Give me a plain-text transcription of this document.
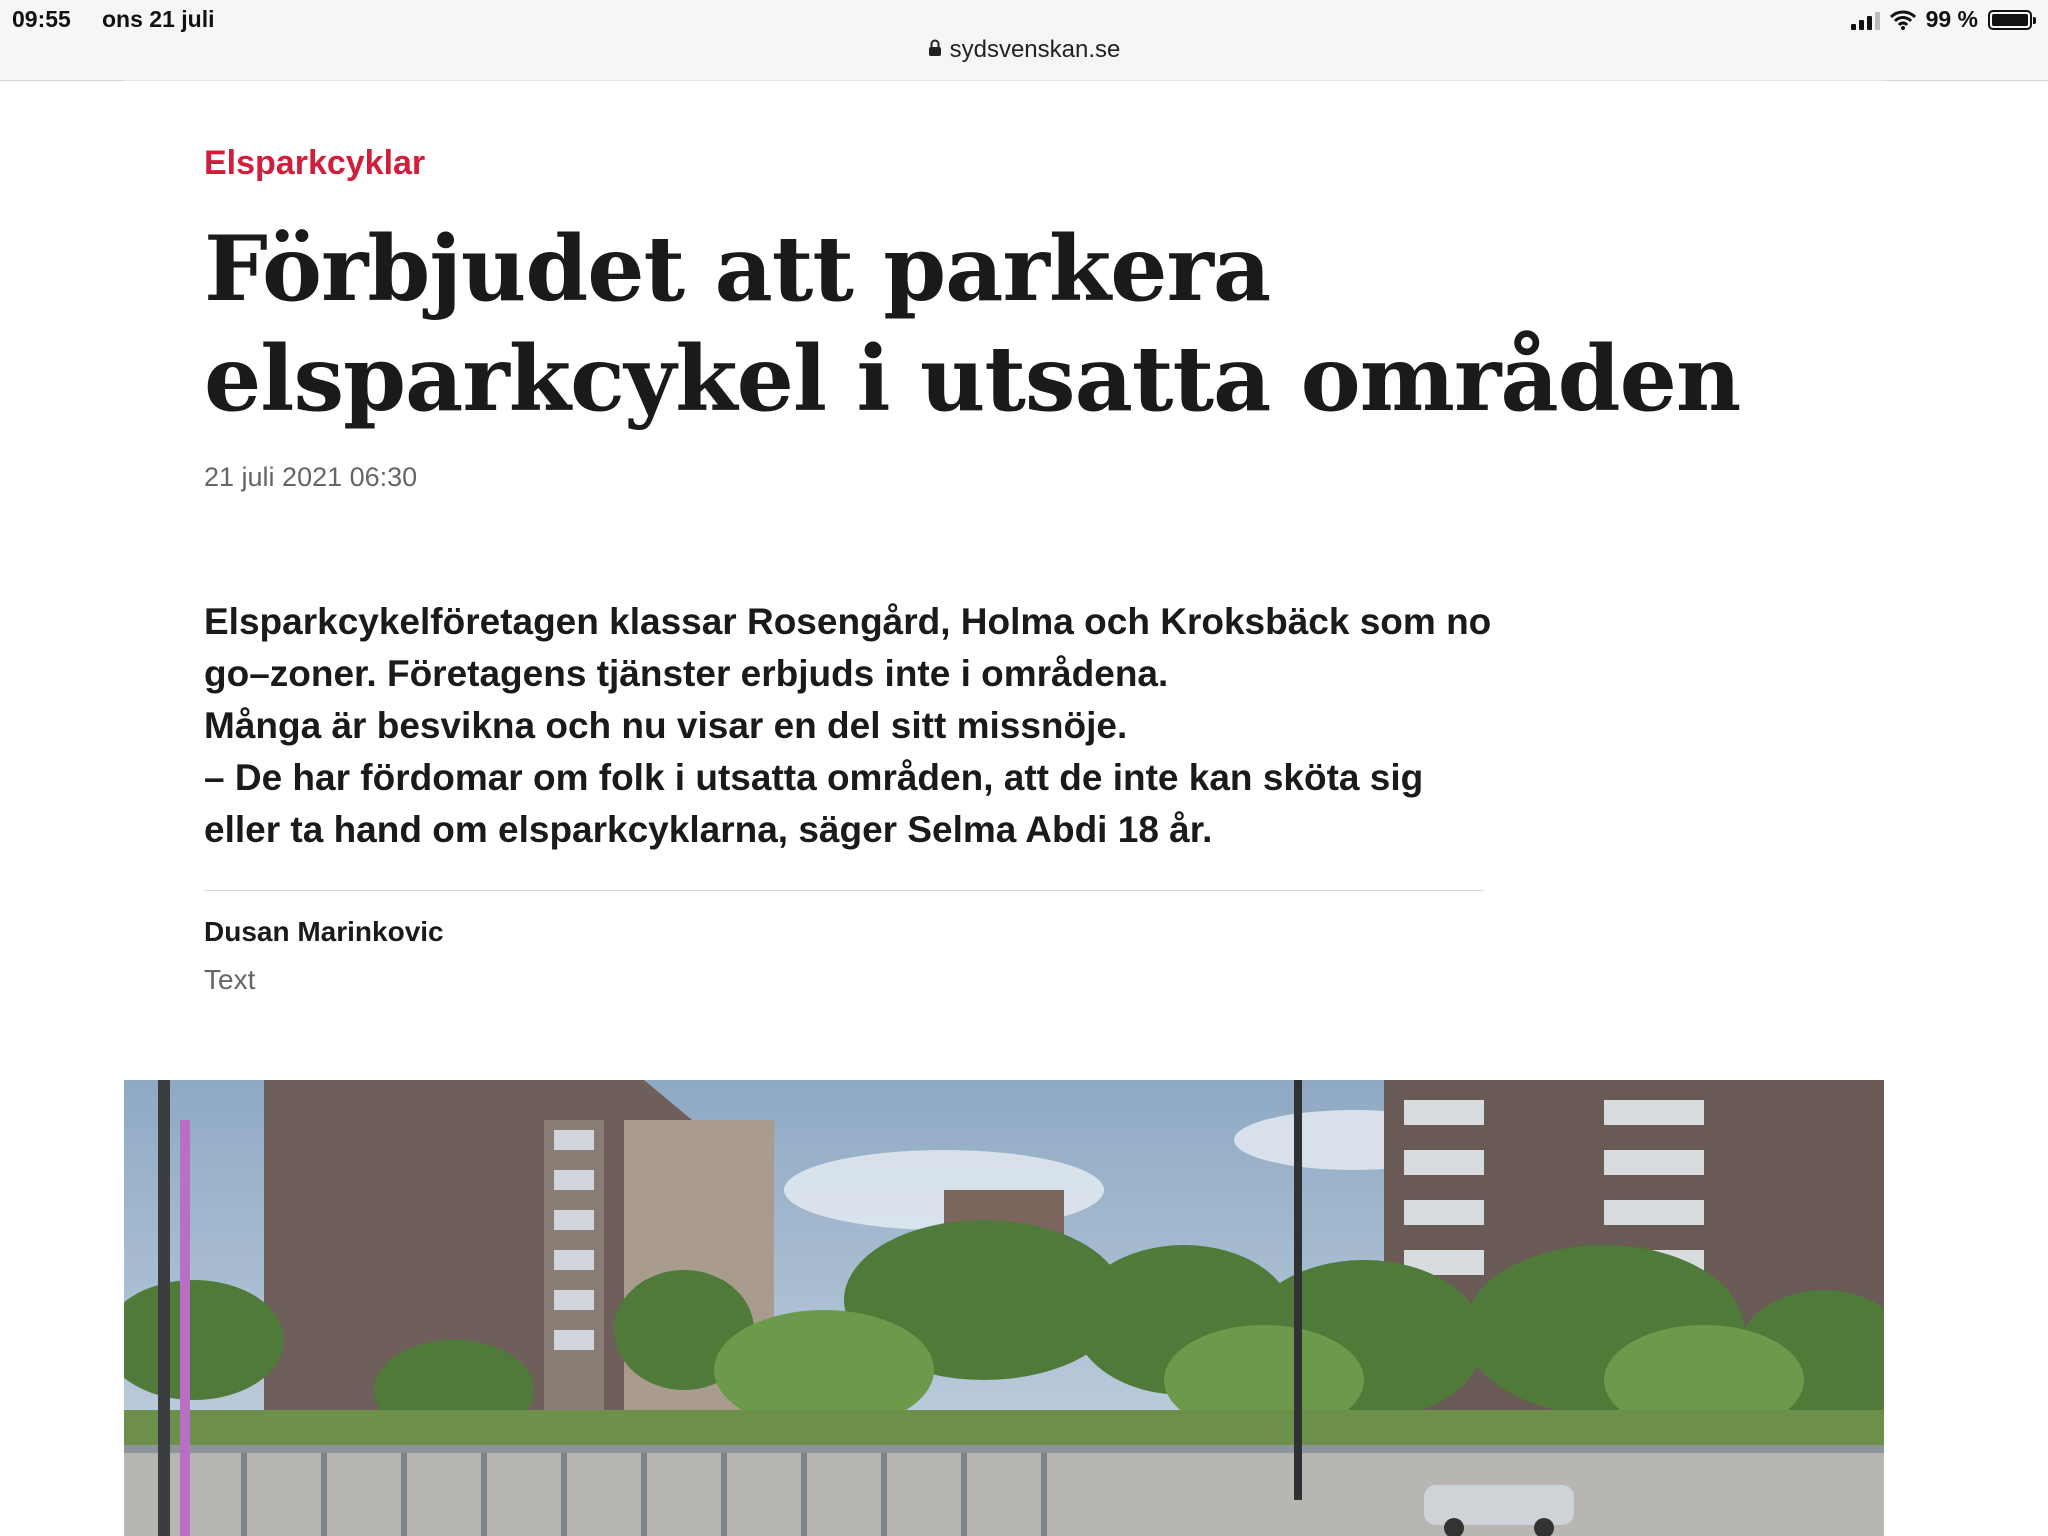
09:55 ons 21 juli	99 %
sydsvenskan.se
Elsparkcyklar
Förbjudet att parkera elsparkcykel i utsatta områden
21 juli 2021 06:30

Elsparkcykelföretagen klassar Rosengård, Holma och Kroksbäck som no go–zoner. Företagens tjänster erbjuds inte i områdena.

Många är besvikna och nu visar en del sitt missnöje.

– De har fördomar om folk i utsatta områden, att de inte kan sköta sig eller ta hand om elsparkcyklarna, säger Selma Abdi 18 år.

Dusan Marinkovic
Text
